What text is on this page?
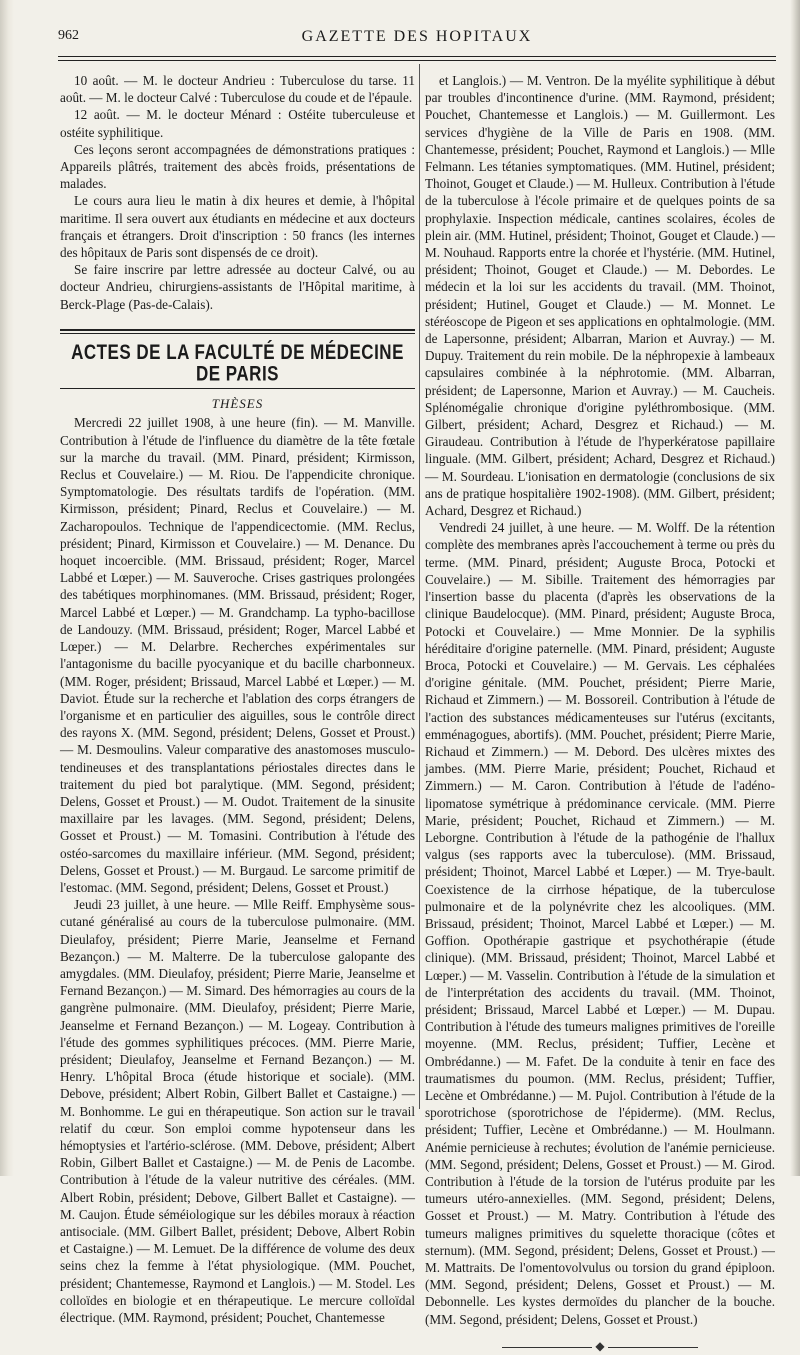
962	GAZETTE DES HOPITAUX

10 août. — M. le docteur Andrieu : Tuberculose du tarse. 11 août. — M. le docteur Calvé : Tuberculose du coude et de l'épaule.

12 août. — M. le docteur Ménard : Ostéite tuberculeuse et ostéite syphilitique.

Ces leçons seront accompagnées de démonstrations pratiques : Appareils plâtrés, traitement des abcès froids, présentations de malades.

Le cours aura lieu le matin à dix heures et demie, à l'hôpital maritime. Il sera ouvert aux étudiants en médecine et aux docteurs français et étrangers. Droit d'inscription : 50 francs (les internes des hôpitaux de Paris sont dispensés de ce droit).

Se faire inscrire par lettre adressée au docteur Calvé, ou au docteur Andrieu, chirurgiens-assistants de l'Hôpital maritime, à Berck-Plage (Pas-de-Calais).

ACTES DE LA FACULTÉ DE MÉDECINE DE PARIS
THÈSES

Mercredi 22 juillet 1908, à une heure (fin). — M. Manville. Contribution à l'étude de l'influence du diamètre de la tête fœtale sur la marche du travail. (MM. Pinard, président; Kirmisson, Reclus et Couvelaire.) — M. Riou. De l'appendicite chronique. Symptomatologie. Des résultats tardifs de l'opération. (MM. Kirmisson, président; Pinard, Reclus et Couvelaire.) — M. Zacharopoulos. Technique de l'appendicectomie. (MM. Reclus, président; Pinard, Kirmisson et Couvelaire.) — M. Denance. Du hoquet incoercible. (MM. Brissaud, président; Roger, Marcel Labbé et Lœper.) — M. Sauveroche. Crises gastriques prolongées des tabétiques morphinomanes. (MM. Brissaud, président; Roger, Marcel Labbé et Lœper.) — M. Grandchamp. La typho-bacillose de Landouzy. (MM. Brissaud, président; Roger, Marcel Labbé et Lœper.) — M. Delarbre. Recherches expérimentales sur l'antagonisme du bacille pyocyanique et du bacille charbonneux. (MM. Roger, président; Brissaud, Marcel Labbé et Lœper.) — M. Daviot. Étude sur la recherche et l'ablation des corps étrangers de l'organisme et en particulier des aiguilles, sous le contrôle direct des rayons X. (MM. Segond, président; Delens, Gosset et Proust.) — M. Desmoulins. Valeur comparative des anastomoses musculo-tendineuses et des transplantations périostales directes dans le traitement du pied bot paralytique. (MM. Segond, président; Delens, Gosset et Proust.) — M. Oudot. Traitement de la sinusite maxillaire par les lavages. (MM. Segond, président; Delens, Gosset et Proust.) — M. Tomasini. Contribution à l'étude des ostéo-sarcomes du maxillaire inférieur. (MM. Segond, président; Delens, Gosset et Proust.) — M. Burgaud. Le sarcome primitif de l'estomac. (MM. Segond, président; Delens, Gosset et Proust.)

Jeudi 23 juillet, à une heure. — Mlle Reiff. Emphysème sous-cutané généralisé au cours de la tuberculose pulmonaire. (MM. Dieulafoy, président; Pierre Marie, Jeanselme et Fernand Bezançon.) — M. Malterre. De la tuberculose galopante des amygdales. (MM. Dieulafoy, président; Pierre Marie, Jeanselme et Fernand Bezançon.) — M. Simard. Des hémorragies au cours de la gangrène pulmonaire. (MM. Dieulafoy, président; Pierre Marie, Jeanselme et Fernand Bezançon.) — M. Logeay. Contribution à l'étude des gommes syphilitiques précoces. (MM. Pierre Marie, président; Dieulafoy, Jeanselme et Fernand Bezançon.) — M. Henry. L'hôpital Broca (étude historique et sociale). (MM. Debove, président; Albert Robin, Gilbert Ballet et Castaigne.) — M. Bonhomme. Le gui en thérapeutique. Son action sur le travail relatif du cœur. Son emploi comme hypotenseur dans les hémoptysies et l'artério-sclérose. (MM. Debove, président; Albert Robin, Gilbert Ballet et Castaigne.) — M. de Penis de Lacombe. Contribution à l'étude de la valeur nutritive des céréales. (MM. Albert Robin, président; Debove, Gilbert Ballet et Castaigne). — M. Caujon. Étude séméiologique sur les débiles moraux à réaction antisociale. (MM. Gilbert Ballet, président; Debove, Albert Robin et Castaigne.) — M. Lemuet. De la différence de volume des deux seins chez la femme à l'état physiologique. (MM. Pouchet, président; Chantemesse, Raymond et Langlois.) — M. Stodel. Les colloïdes en biologie et en thérapeutique. Le mercure colloïdal électrique. (MM. Raymond, président; Pouchet, Chantemesse

et Langlois.) — M. Ventron. De la myélite syphilitique à début par troubles d'incontinence d'urine. (MM. Raymond, président; Pouchet, Chantemesse et Langlois.) — M. Guillermont. Les services d'hygiène de la Ville de Paris en 1908. (MM. Chantemesse, président; Pouchet, Raymond et Langlois.) — Mlle Felmann. Les tétanies symptomatiques. (MM. Hutinel, président; Thoinot, Gouget et Claude.) — M. Hulleux. Contribution à l'étude de la tuberculose à l'école primaire et de quelques points de sa prophylaxie. Inspection médicale, cantines scolaires, écoles de plein air. (MM. Hutinel, président; Thoinot, Gouget et Claude.) — M. Nouhaud. Rapports entre la chorée et l'hystérie. (MM. Hutinel, président; Thoinot, Gouget et Claude.) — M. Debordes. Le médecin et la loi sur les accidents du travail. (MM. Thoinot, président; Hutinel, Gouget et Claude.) — M. Monnet. Le stéréoscope de Pigeon et ses applications en ophtalmologie. (MM. de Lapersonne, président; Albarran, Marion et Auvray.) — M. Dupuy. Traitement du rein mobile. De la néphropexie à lambeaux capsulaires combinée à la néphrotomie. (MM. Albarran, président; de Lapersonne, Marion et Auvray.) — M. Caucheis. Splénomégalie chronique d'origine pyléthrombosique. (MM. Gilbert, président; Achard, Desgrez et Richaud.) — M. Giraudeau. Contribution à l'étude de l'hyperkératose papillaire linguale. (MM. Gilbert, président; Achard, Desgrez et Richaud.) — M. Sourdeau. L'ionisation en dermatologie (conclusions de six ans de pratique hospitalière 1902-1908). (MM. Gilbert, président; Achard, Desgrez et Richaud.)

Vendredi 24 juillet, à une heure. — M. Wolff. De la rétention complète des membranes après l'accouchement à terme ou près du terme. (MM. Pinard, président; Auguste Broca, Potocki et Couvelaire.) — M. Sibille. Traitement des hémorragies par l'insertion basse du placenta (d'après les observations de la clinique Baudelocque). (MM. Pinard, président; Auguste Broca, Potocki et Couvelaire.) — Mme Monnier. De la syphilis héréditaire d'origine paternelle. (MM. Pinard, président; Auguste Broca, Potocki et Couvelaire.) — M. Gervais. Les céphalées d'origine génitale. (MM. Pouchet, président; Pierre Marie, Richaud et Zimmern.) — M. Bossoreil. Contribution à l'étude de l'action des substances médicamenteuses sur l'utérus (excitants, emménagogues, abortifs). (MM. Pouchet, président; Pierre Marie, Richaud et Zimmern.) — M. Debord. Des ulcères mixtes des jambes. (MM. Pierre Marie, président; Pouchet, Richaud et Zimmern.) — M. Caron. Contribution à l'étude de l'adéno-lipomatose symétrique à prédominance cervicale. (MM. Pierre Marie, président; Pouchet, Richaud et Zimmern.) — M. Leborgne. Contribution à l'étude de la pathogénie de l'hallux valgus (ses rapports avec la tuberculose). (MM. Brissaud, président; Thoinot, Marcel Labbé et Lœper.) — M. Trye-bault. Coexistence de la cirrhose hépatique, de la tuberculose pulmonaire et de la polynévrite chez les alcooliques. (MM. Brissaud, président; Thoinot, Marcel Labbé et Lœper.) — M. Goffion. Opothérapie gastrique et psychothérapie (étude clinique). (MM. Brissaud, président; Thoinot, Marcel Labbé et Lœper.) — M. Vasselin. Contribution à l'étude de la simulation et de l'interprétation des accidents du travail. (MM. Thoinot, président; Brissaud, Marcel Labbé et Lœper.) — M. Dupau. Contribution à l'étude des tumeurs malignes primitives de l'oreille moyenne. (MM. Reclus, président; Tuffier, Lecène et Ombrédanne.) — M. Fafet. De la conduite à tenir en face des traumatismes du poumon. (MM. Reclus, président; Tuffier, Lecène et Ombrédanne.) — M. Pujol. Contribution à l'étude de la sporotrichose (sporotrichose de l'épiderme). (MM. Reclus, président; Tuffier, Lecène et Ombrédanne.) — M. Houlmann. Anémie pernicieuse à rechutes; évolution de l'anémie pernicieuse. (MM. Segond, président; Delens, Gosset et Proust.) — M. Girod. Contribution à l'étude de la torsion de l'utérus produite par les tumeurs utéro-annexielles. (MM. Segond, président; Delens, Gosset et Proust.) — M. Matry. Contribution à l'étude des tumeurs malignes primitives du squelette thoracique (côtes et sternum). (MM. Segond, président; Delens, Gosset et Proust.) — M. Mattraits. De l'omentovolvulus ou torsion du grand épiploon. (MM. Segond, président; Delens, Gosset et Proust.) — M. Debonnelle. Les kystes dermoïdes du plancher de la bouche. (MM. Segond, président; Delens, Gosset et Proust.)

◆
